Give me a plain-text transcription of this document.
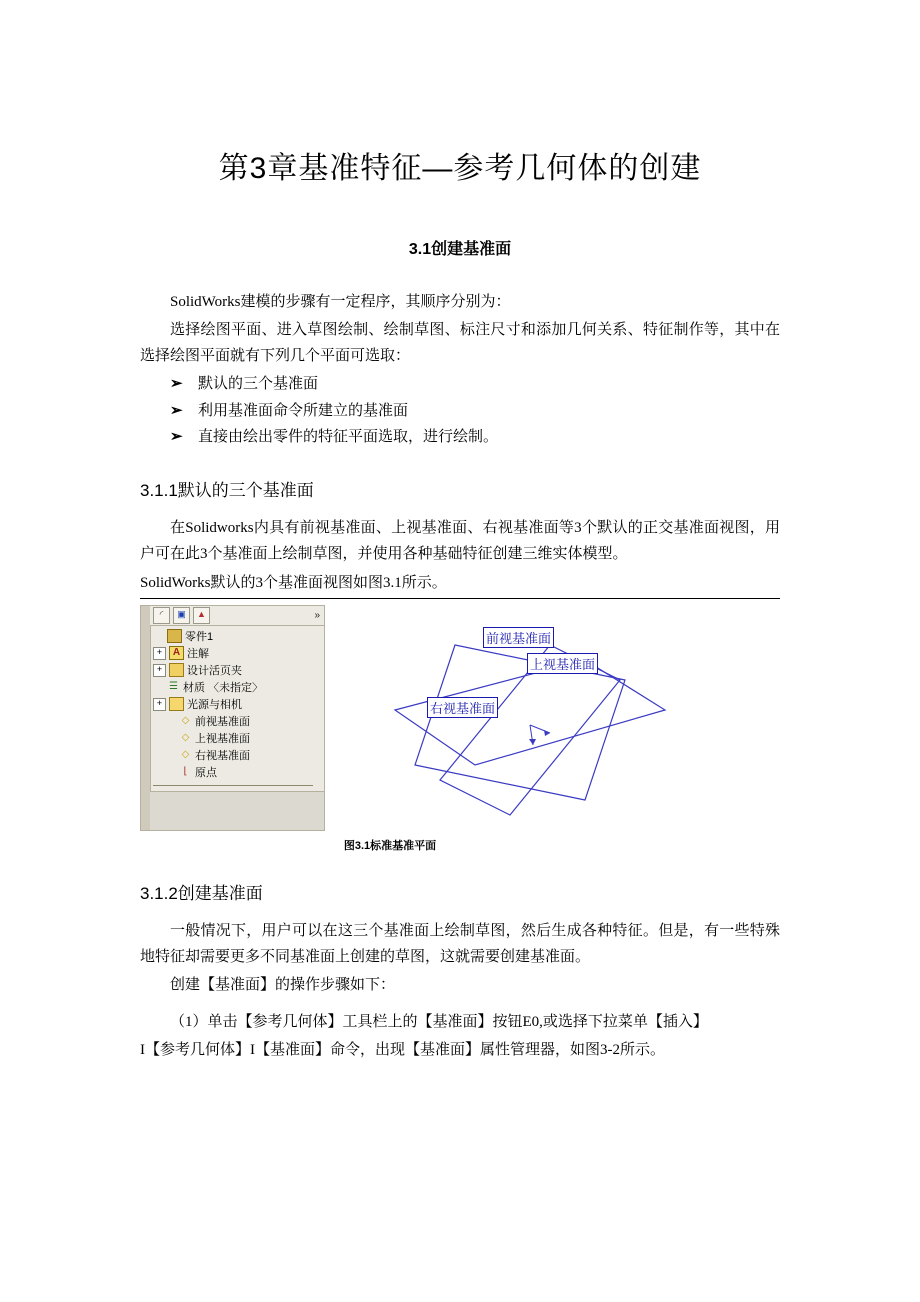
第3章基准特征—参考几何体的创建
3.1创建基准面

SolidWorks建模的步骤有一定程序，其顺序分别为：

选择绘图平面、进入草图绘制、绘制草图、标注尺寸和添加几何关系、特征制作等，其中在选择绘图平面就有下列几个平面可选取：

➢ 默认的三个基准面
➢ 利用基准面命令所建立的基准面
➢ 直接由绘出零件的特征平面选取，进行绘制。
3.1.1默认的三个基准面

在Solidworks内具有前视基准面、上视基准面、右视基准面等3个默认的正交基准面视图，用户可在此3个基准面上绘制草图，并使用各种基础特征创建三维实体模型。

SolidWorks默认的3个基准面视图如图3.1所示。

◜	▣	▲	»
零件1
+	A 注解
+	设计活页夹
☰ 材质 〈未指定〉
+	光源与相机
◇ 前视基准面
◇ 上视基准面
◇ 右视基准面
⌊ 原点
前视基准面
上视基准面
右视基准面
图3.1标准基准平面
3.1.2创建基准面

一般情况下，用户可以在这三个基准面上绘制草图，然后生成各种特征。但是，有一些特殊地特征却需要更多不同基准面上创建的草图，这就需要创建基准面。

创建【基准面】的操作步骤如下：

（1）单击【参考几何体】工具栏上的【基准面】按钮E0,或选择下拉菜单【插入】

I【参考几何体】I【基准面】命令，出现【基准面】属性管理器，如图3-2所示。
